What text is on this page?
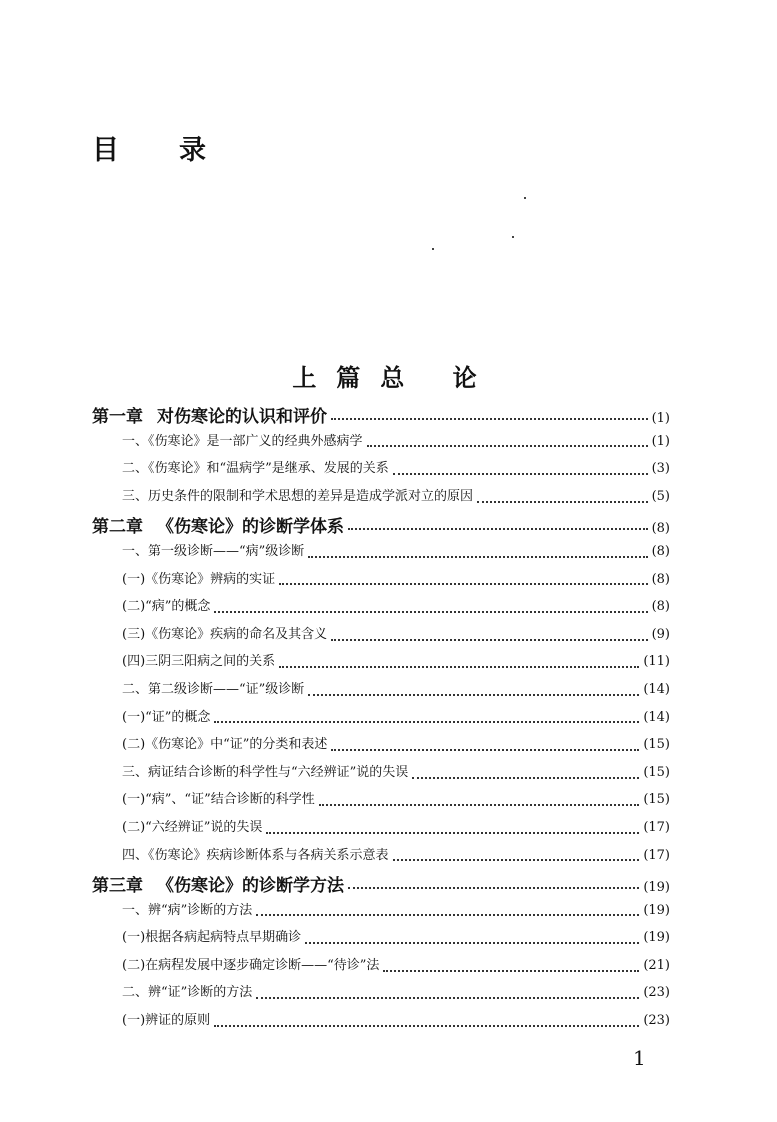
目 录
上篇总 论
第一章 对伤寒论的认识和评价	(1)
一、《伤寒论》是一部广义的经典外感病学	(1)
二、《伤寒论》和“温病学”是继承、发展的关系	(3)
三、历史条件的限制和学术思想的差异是造成学派对立的原因	(5)
第二章 《伤寒论》的诊断学体系	(8)
一、第一级诊断——“病”级诊断	(8)
(一)《伤寒论》辨病的实证	(8)
(二)“病”的概念	(8)
(三)《伤寒论》疾病的命名及其含义	(9)
(四)三阴三阳病之间的关系	(11)
二、第二级诊断——“证”级诊断	(14)
(一)“证”的概念	(14)
(二)《伤寒论》中“证”的分类和表述	(15)
三、病证结合诊断的科学性与“六经辨证”说的失误	(15)
(一)“病”、“证”结合诊断的科学性	(15)
(二)“六经辨证”说的失误	(17)
四、《伤寒论》疾病诊断体系与各病关系示意表	(17)
第三章 《伤寒论》的诊断学方法	(19)
一、辨“病”诊断的方法	(19)
(一)根据各病起病特点早期确诊	(19)
(二)在病程发展中逐步确定诊断——“待诊”法	(21)
二、辨“证”诊断的方法	(23)
(一)辨证的原则	(23)
1
